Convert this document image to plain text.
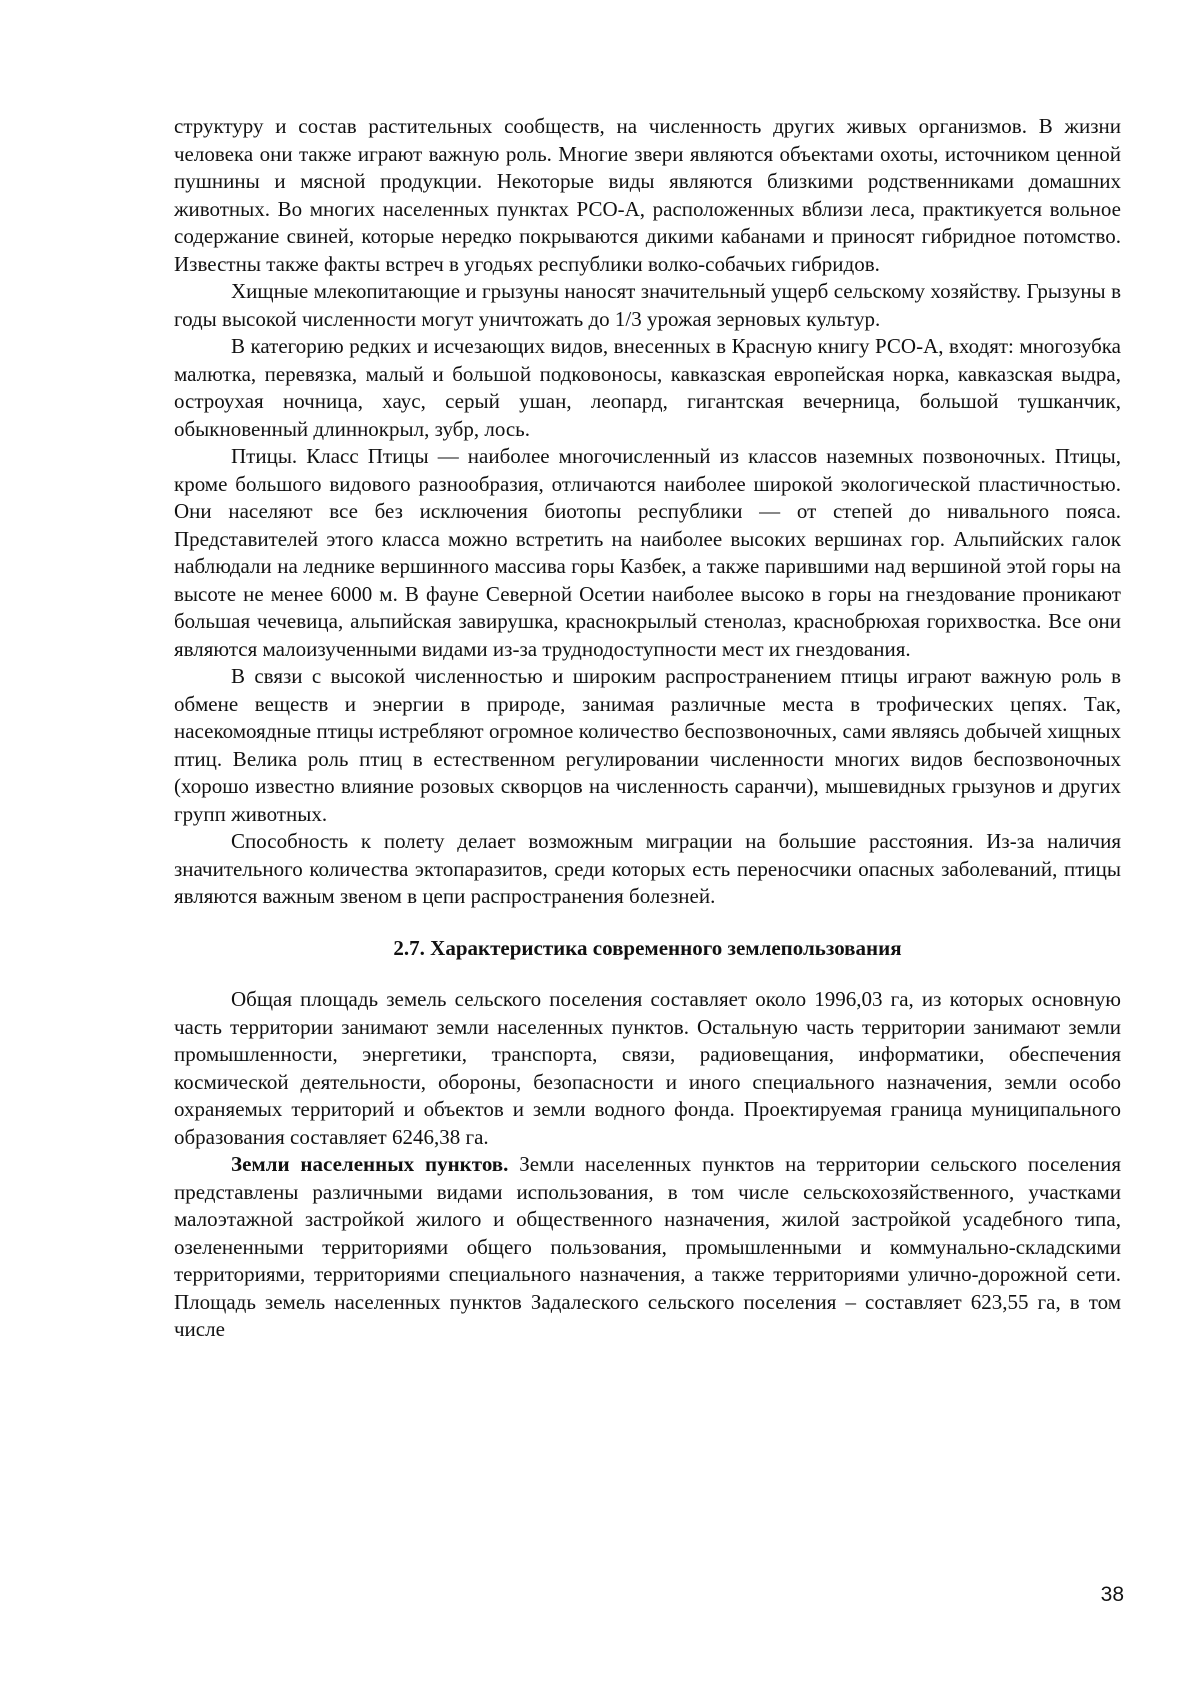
структуру и состав растительных сообществ, на численность других живых организмов. В жизни человека они также играют важную роль. Многие звери являются объектами охоты, источником ценной пушнины и мясной продукции. Некоторые виды являются близкими родственниками домашних животных. Во многих населенных пунктах РСО-А, расположенных вблизи леса, практикуется вольное содержание свиней, которые нередко покрываются дикими кабанами и приносят гибридное потомство. Известны также факты встреч в угодьях республики волко-собачьих гибридов.

Хищные млекопитающие и грызуны наносят значительный ущерб сельскому хозяйству. Грызуны в годы высокой численности могут уничтожать до 1/3 урожая зерновых культур.

В категорию редких и исчезающих видов, внесенных в Красную книгу РСО-А, входят: многозубка малютка, перевязка, малый и большой подковоносы, кавказская европейская норка, кавказская выдра, остроухая ночница, хаус, серый ушан, леопард, гигантская вечерница, большой тушканчик, обыкновенный длиннокрыл, зубр, лось.

Птицы. Класс Птицы — наиболее многочисленный из классов наземных позвоночных. Птицы, кроме большого видового разнообразия, отличаются наиболее широкой экологической пластичностью. Они населяют все без исключения биотопы республики — от степей до нивального пояса. Представителей этого класса можно встретить на наиболее высоких вершинах гор. Альпийских галок наблюдали на леднике вершинного массива горы Казбек, а также парившими над вершиной этой горы на высоте не менее 6000 м. В фауне Северной Осетии наиболее высоко в горы на гнездование проникают большая чечевица, альпийская завирушка, краснокрылый стенолаз, краснобрюхая горихвостка. Все они являются малоизученными видами из-за труднодоступности мест их гнездования.

В связи с высокой численностью и широким распространением птицы играют важную роль в обмене веществ и энергии в природе, занимая различные места в трофических цепях. Так, насекомоядные птицы истребляют огромное количество беспозвоночных, сами являясь добычей хищных птиц. Велика роль птиц в естественном регулировании численности многих видов беспозвоночных (хорошо известно влияние розовых скворцов на численность саранчи), мышевидных грызунов и других групп животных.

Способность к полету делает возможным миграции на большие расстояния. Из-за наличия значительного количества эктопаразитов, среди которых есть переносчики опасных заболеваний, птицы являются важным звеном в цепи распространения болезней.

2.7. Характеристика современного землепользования

Общая площадь земель сельского поселения составляет около 1996,03 га, из которых основную часть территории занимают земли населенных пунктов. Остальную часть территории занимают земли промышленности, энергетики, транспорта, связи, радиовещания, информатики, обеспечения космической деятельности, обороны, безопасности и иного специального назначения, земли особо охраняемых территорий и объектов и земли водного фонда. Проектируемая граница муниципального образования составляет 6246,38 га.

Земли населенных пунктов. Земли населенных пунктов на территории сельского поселения представлены различными видами использования, в том числе сельскохозяйственного, участками малоэтажной застройкой жилого и общественного назначения, жилой застройкой усадебного типа, озелененными территориями общего пользования, промышленными и коммунально-складскими территориями, территориями специального назначения, а также территориями улично-дорожной сети. Площадь земель населенных пунктов Задалеского сельского поселения – составляет 623,55 га, в том числе

38
